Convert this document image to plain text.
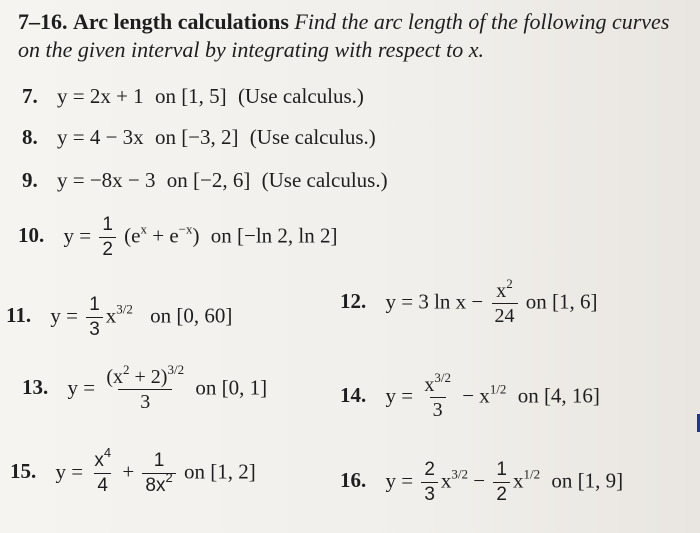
7–16. Arc length calculations Find the arc length of the following curves on the given interval by integrating with respect to x.
7. y = 2x + 1 on [1, 5] (Use calculus.)
8. y = 4 − 3x on [−3, 2] (Use calculus.)
9. y = −8x − 3 on [−2, 6] (Use calculus.)
10. $y = \frac{1}{2} (e^x + e^{-x})$ on [−ln 2, ln 2]
11. $y = \frac{1}{3} x^{3/2}$ on [0, 60]
12. y = 3 $\ln x - \frac{x^2}{24}$ on [1, 6]
13. $y = \frac{(x^2 + 2)^{3/2}}{3}$ on [0, 1]	14. $y = \frac{x^{3/2}}{3} - x^{1/2}$ on [4, 16]
15. $y = \frac{x^4}{4} + \frac{1}{8x^2}$ on [1, 2]	16. $y = \frac{2}{3} x^{3/2} - \frac{1}{2} x^{1/2}$ on [1, 9]
